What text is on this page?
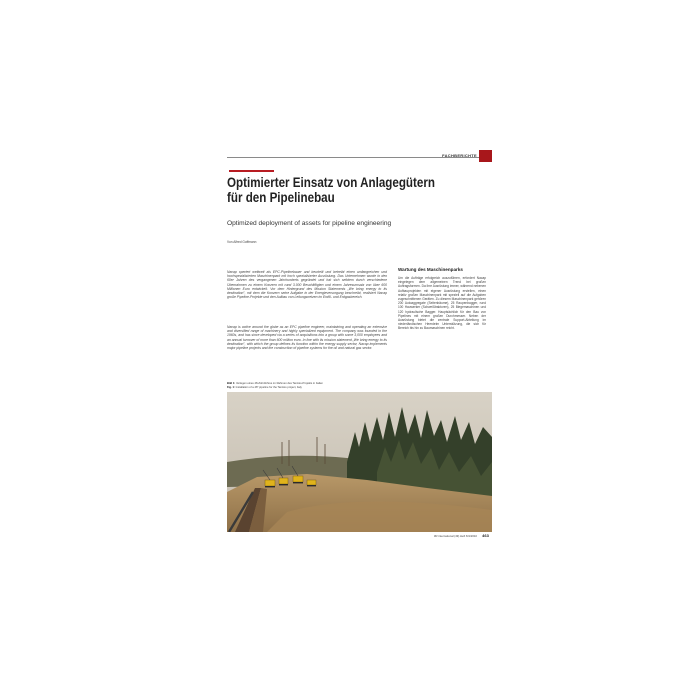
FACHBERICHTE
Optimierter Einsatz von Anlagegütern für den Pipelinebau
Optimized deployment of assets for pipeline engineering
Von Alfred Goffmann
Nacap operiert weltweit als EPC-Pipelinebauer und beurteilt und betreibt einen umfangreichen und hochspezialisierten Maschinenpark mit hoch spezialisierter Ausrüstung. Das Unternehmen wurde in den 60er Jahren des vergangenen Jahrhunderts gegründet und hat sich seitdem durch verschiedene Übernahmen zu einem Konzern mit rund 3.000 Beschäftigten und einem Jahresumsatz von über 600 Millionen Euro entwickelt. Vor dem Hintergrund des Mission Statements „We bring energy to its destination", mit dem die Konzern seine Aufgabe in der Energieversorgung beschreibt, realisiert Nacap große Pipeline-Projekte und den Aufbau von Leitungsnetzen im Erdöl- und Erdgasbereich.
Nacap is active around the globe as an EPC pipeline engineer, maintaining and operating an extensive and diversified range of machinery and highly specialized equipment. The company was founded in the 1960s, and has since developed via a series of acquisitions into a group with some 3,000 employees and an annual turnover of more than 600 million euro. In line with its mission statement „We bring energy to its destination", with which the group defines its function within the energy supply sector, Nacap implements major pipeline projects and the construction of pipeline systems for the oil and natural gas sector.
Wartung des Maschinenparks
Um die Aufträge erfolgreich auszuführen, erfordert Nacap eingelegen dem allgemeinen Trend bei großen Auftragsformen. Da ihre Ausrüstung immer, während nebenen Aufbauprojekten mit eigener Ausrüstung erstellen, einen relativ großen Maschinenpark mit speziell auf die Aufgaben zugeschnittenen Geräten. Zu diesem Maschinenpark gehören 200 Autoaggregate (Seitenbäume), 25 Raupenbagger, rund 100 Hauwerker (Schweißtraktoren), 25 Biegemaschinen und 120 hydraulische Bagger. Hauptsächlich für den Bau von Pipelines mit einem großen Durchmesser. Neben der Ausrüstung bietet die zentrale Support-Abteilung im niederländischen Heerdelm Unterstützung, die sich für Bereich bis hin zu Baumaschinen reicht.
Bild 1: Verlegen eines 48-Zoll-Rohres im Rahmen des Tarvisio-Projekts in Italien
Fig. 1: Installation of a 48" pipeline for the Tarvisio project, Italy
3R international (49) Heft 8-9/2010	463
